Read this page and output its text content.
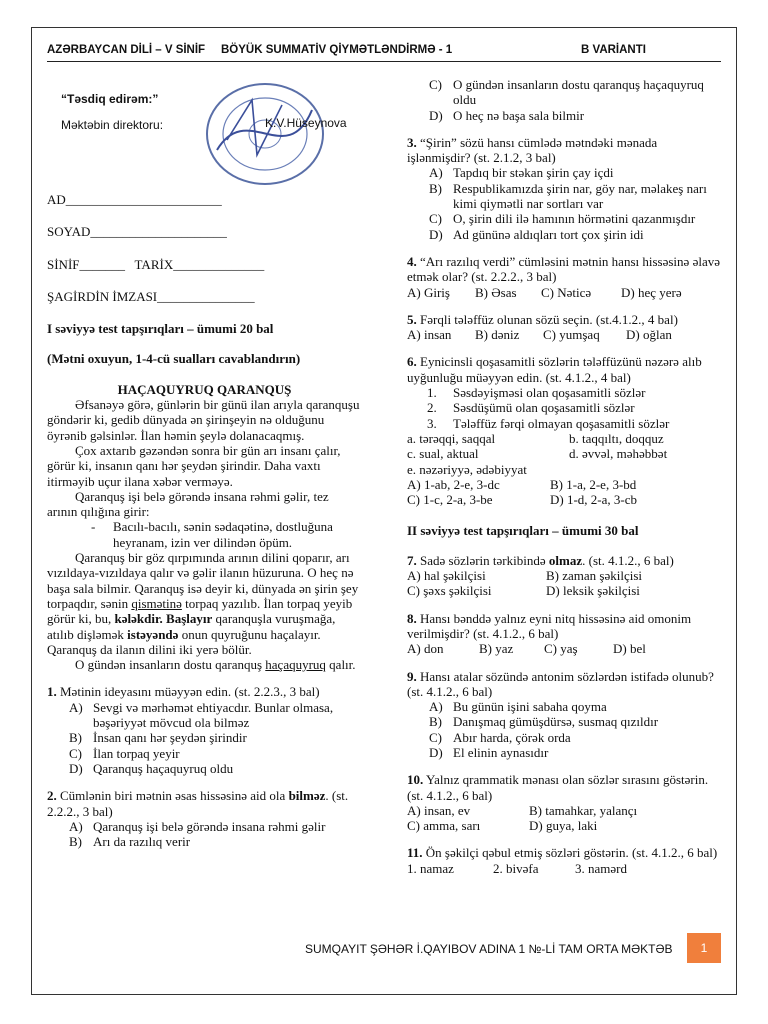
AZƏRBAYCAN DİLİ – V SİNİF BÖYÜK SUMMATİV QİYMƏTLƏNDİRMƏ - 1	B VARİANTI
“Təsdiq edirəm:”
Məktəbin direktoru:	K.V.Hüseynova

AD________________________

SOYAD_____________________

SİNİF_______ TARİX______________

ŞAGİRDİN İMZASI_______________

I səviyyə test tapşırıqları – ümumi 20 bal

(Mətni oxuyun, 1-4-cü sualları cavablandırın)

HAÇAQUYRUQ QARANQUŞ

Əfsanəyə görə, günlərin bir günü ilan arıyla qaranquşu göndərir ki, gedib dünyada ən şirinşeyin nə olduğunu öyrənib gəlsinlər. İlan həmin şeylə dolanacaqmış.

Çox axtarıb gəzəndən sonra bir gün arı insanı çalır, görür ki, insanın qanı hər şeydən şirindir. Daha vaxtı itirməyib uçur ilana xəbər verməyə.

Qaranquş işi belə görəndə insana rəhmi gəlir, tez arının qılığına girir:

-	Bacılı-bacılı, sənin sədaqətinə, dostluğuna heyranam, izin ver dilindən öpüm.

Qaranquş bir göz qırpımında arının dilini qoparır, arı vızıldaya-vızıldaya qalır və gəlir ilanın hüzuruna. O heç nə başa sala bilmir. Qaranquş isə deyir ki, dünyada ən şirin şey torpaqdır, sənin qismətinə torpaq yazılıb. İlan torpaq yeyib görür ki, bu, kələkdir. Başlayır qaranquşla vuruşmağa, atılıb dişləmək istəyəndə onun quyruğunu haçalayır. Qaranquş da ilanın dilini iki yerə bölür.

O gündən insanların dostu qaranquş haçaquyruq qalır.

1. Mətinin ideyasını müəyyən edin. (st. 2.2.3., 3 bal)

A) Sevgi və mərhəmət ehtiyacdır. Bunlar olmasa, bəşəriyyət mövcud ola bilməz
B) İnsan qanı hər şeydən şirindir
C) İlan torpaq yeyir
D) Qaranquş haçaquyruq oldu

2. Cümlənin biri mətnin əsas hissəsinə aid ola bilməz. (st. 2.2.2., 3 bal)

A) Qaranquş işi belə görəndə insana rəhmi gəlir
B) Arı da razılıq verir
C) O gündən insanların dostu qaranquş haçaquyruq oldu
D) O heç nə başa sala bilmir

3. “Şirin” sözü hansı cümlədə mətndəki mənada işlənmişdir? (st. 2.1.2, 3 bal)

A) Tapdıq bir stəkan şirin çay içdi
B) Respublikamızda şirin nar, göy nar, məlakeş narı kimi qiymətli nar sortları var
C) O, şirin dili ilə hamının hörmətini qazanmışdır
D) Ad gününə aldıqları tort çox şirin idi

4. “Arı razılıq verdi” cümləsini mətnin hansı hissəsinə əlavə etmək olar? (st. 2.2.2., 3 bal)

A) Giriş	B) Əsas	C) Nəticə	D) heç yerə

5. Fərqli tələffüz olunan sözü seçin. (st.4.1.2., 4 bal)

A) insan	B) dəniz	C) yumşaq	D) oğlan

6. Eynicinsli qoşasamitli sözlərin tələffüzünü nəzərə alıb uyğunluğu müəyyən edin. (st. 4.1.2., 4 bal)

1.	Səsdəyişməsi olan qoşasamitli sözlər
2.	Səsdüşümü olan qoşasamitli sözlər
3.	Tələffüz fərqi olmayan qoşasamitli sözlər
a. tərəqqi, saqqal	b. taqqıltı, doqquz
c. sual, aktual	d. əvvəl, məhəbbət

e. nəzəriyyə, ədəbiyyat

A) 1-ab, 2-e, 3-dc	B) 1-a, 2-e, 3-bd
C) 1-c, 2-a, 3-be	D) 1-d, 2-a, 3-cb

II səviyyə test tapşırıqları – ümumi 30 bal

7. Sadə sözlərin tərkibində olmaz. (st. 4.1.2., 6 bal)

A) hal şəkilçisi	B) zaman şəkilçisi
C) şəxs şəkilçisi	D) leksik şəkilçisi

8. Hansı bənddə yalnız eyni nitq hissəsinə aid omonim verilmişdir? (st. 4.1.2., 6 bal)

A) don	B) yaz	C) yaş	D) bel

9. Hansı atalar sözündə antonim sözlərdən istifadə olunub? (st. 4.1.2., 6 bal)

A) Bu günün işini sabaha qoyma
B) Danışmaq gümüşdürsə, susmaq qızıldır
C) Abır harda, çörək orda
D) El elinin aynasıdır

10. Yalnız qrammatik mənası olan sözlər sırasını göstərin. (st. 4.1.2., 6 bal)

A) insan, ev	B) tamahkar, yalançı
C) amma, sarı	D) guya, laki

11. Ön şəkilçi qəbul etmiş sözləri göstərin. (st. 4.1.2., 6 bal)

1. namaz	2. bivəfa	3. namərd
SUMQAYIT ŞƏHƏR İ.QAYIBOV ADINA 1 №-Lİ TAM ORTA MƏKTƏB	1
